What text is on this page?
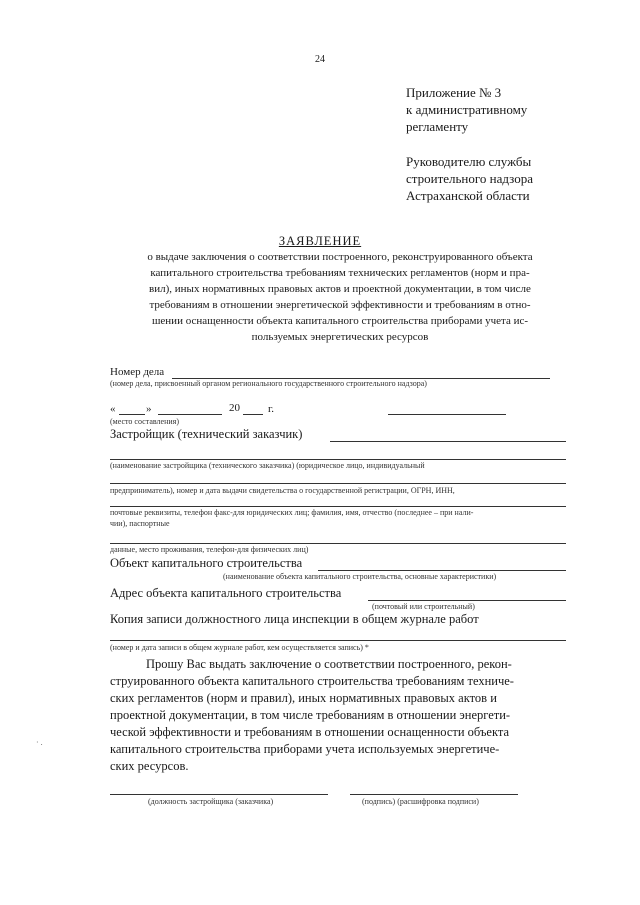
24
Приложение № 3
к административному
регламенту
Руководителю службы
строительного надзора
Астраханской области
ЗАЯВЛЕНИЕ
о выдаче заключения о соответствии построенного, реконструированного объекта
капитального строительства требованиям технических регламентов (норм и пра-
вил), иных нормативных правовых актов и проектной документации, в том числе
требованиям в отношении энергетической эффективности и требованиям в отно-
шении оснащенности объекта капитального строительства приборами учета ис-
пользуемых энергетических ресурсов
Номер дела
(номер дела, присвоенный органом регионального государственного строительного надзора)
«	»	20	г.
(место составления)
Застройщик (технический заказчик)
(наименование застройщика (технического заказчика) (юридическое лицо, индивидуальный
предприниматель), номер и дата выдачи свидетельства о государственной регистрации, ОГРН, ИНН,
почтовые реквизиты, телефон факс-для юридических лиц; фамилия, имя, отчество (последнее – при нали-
чии), паспортные
данные, место проживания, телефон-для физических лиц)
Объект капитального строительства
(наименование объекта капитального строительства, основные характеристики)
Адрес объекта капитального строительства
(почтовый или строительный)
Копия записи должностного лица инспекции в общем журнале работ
(номер и дата записи в общем журнале работ, кем осуществляется запись) *
Прошу Вас выдать заключение о соответствии построенного, рекон-
струированного объекта капитального строительства требованиям техниче-
ских регламентов (норм и правил), иных нормативных правовых актов и
проектной документации, в том числе требованиям в отношении энергети-
ческой эффективности и требованиям в отношении оснащенности объекта
капитального строительства приборами учета используемых энергетиче-
ских ресурсов.
(должность застройщика (заказчика)	(подпись) (расшифровка подписи)
· .
